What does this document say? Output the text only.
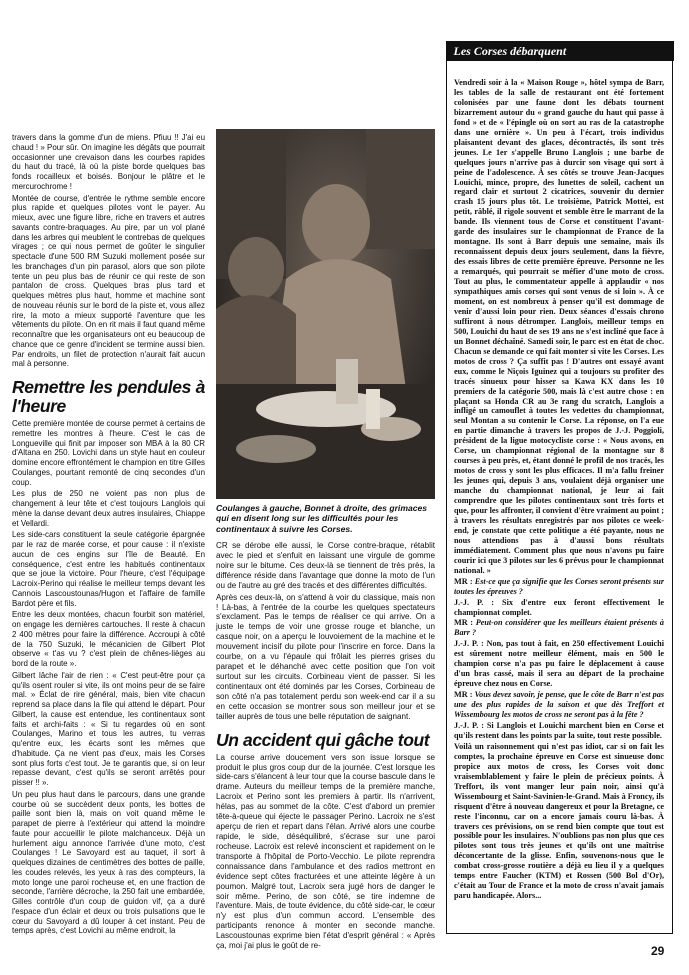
travers dans la gomme d'un de miens. Pfiuu !! J'ai eu chaud ! » Pour sûr. On imagine les dégâts que pourrait occasionner une crevaison dans les courbes rapides du haut du tracé, là où la piste borde quelques bas fonds rocailleux et boisés. Bonjour le plâtre et le mercurochrome !

Montée de course, d'entrée le rythme semble encore plus rapide et quelques pilotes vont le payer. Au mieux, avec une figure libre, riche en travers et autres savants contre-braquages. Au pire, par un vol plané dans les arbres qui meublent le contrebas de quelques virages ; ce qui nous permet de goûter le singulier spectacle d'une 500 RM Suzuki mollement posée sur les branchages d'un pin parasol, alors que son pilote tente un peu plus bas de réunir ce qui reste de son pantalon de cross. Quelques bras plus tard et quelques mètres plus haut, homme et machine sont de nouveau réunis sur le bord de la piste et, vous allez rire, la moto a mieux supporté l'aventure que les vêtements du pilote. On en rit mais il faut quand même reconnaître que les organisateurs ont eu beaucoup de chance que ce genre d'incident se termine aussi bien. Par endroits, un filet de protection n'aurait fait aucun mal à personne.

Remettre les pendules à l'heure

Cette première montée de course permet à certains de remettre les montres à l'heure. C'est le cas de Longueville qui finit par imposer son MBA à la 80 CR d'Altana en 250. Lovichi dans un style haut en couleur domine encore effrontément le champion en titre Gilles Coulanges, pourtant remonté de cinq secondes d'un coup.

Les plus de 250 ne voient pas non plus de changement à leur tête et c'est toujours Langlois qui mène la danse devant deux autres insulaires, Chiappe et Vellardi.

Les side-cars constituent la seule catégorie épargnée par le raz de marée corse, et pour cause : il n'existe aucun de ces engins sur l'île de Beauté. En conséquence, c'est entre les habitués continentaux que se joue la victoire. Pour l'heure, c'est l'équipage Lacroix-Perino qui réalise le meilleur temps devant les Cannois Lascoustounas/Hugon et l'affaire de famille Bardot père et fils.

Entre les deux montées, chacun fourbit son matériel, on engage les dernières cartouches. Il reste à chacun 2 400 mètres pour faire la différence. Accroupi à côté de la 750 Suzuki, le mécanicien de Gilbert Plot observe « t'as vu ? c'est plein de chênes-lièges au bord de la route ».

Gilbert lâche l'air de rien : « C'est peut-être pour ça qu'ils osent rouler si vite, ils ont moins peur de se faire mal. » Éclat de rire général, mais, bien vite chacun reprend sa place dans la file qui attend le départ. Pour Gilbert, la cause est entendue, les continentaux sont faits et archi-faits : « Si tu regardes où en sont Coulanges, Marino et tous les autres, tu verras qu'entre eux, les écarts sont les mêmes que d'habitude. Ça ne vient pas d'eux, mais les Corses sont plus forts c'est tout. Je te garantis que, si on leur repasse devant, c'est qu'ils se seront arrêtés pour pisser !! ».

Un peu plus haut dans le parcours, dans une grande courbe où se succèdent deux ponts, les bottes de paille sont bien là, mais on voit quand même le parapet de pierre à l'extérieur qui attend la moindre faute pour accueillir le pilote malchanceux. Déjà un hurlement aigu annonce l'arrivée d'une moto, c'est Coulanges ! Le Savoyard est au taquet, il sort à quelques dizaines de centimètres des bottes de paille, les coudes relevés, les yeux à ras des compteurs, la moto longe une paroi rocheuse et, en une fraction de seconde, l'arrière décroche, la 250 fait une embardée, Gilles contrôle d'un coup de guidon vif, ça a duré l'espace d'un éclair et deux ou trois pulsations que le cœur du Savoyard a dû louper à cet instant. Peu de temps après, c'est Lovichi au même endroit, la

Coulanges à gauche, Bonnet à droite, des grimaces qui en disent long sur les difficultés pour les continentaux à suivre les Corses.

CR se dérobe elle aussi, le Corse contre-braque, rétablit avec le pied et s'enfuit en laissant une virgule de gomme noire sur le bitume. Ces deux-là se tiennent de très près, la différence réside dans l'avantage que donne la moto de l'un ou de l'autre au gré des tracés et des différentes difficultés.

Après ces deux-là, on s'attend à voir du classique, mais non ! Là-bas, à l'entrée de la courbe les quelques spectateurs s'exclament. Pas le temps de réaliser ce qui arrive. On a juste le temps de voir une grosse rouge et blanche, un casque noir, on a aperçu le louvoiement de la machine et le mouvement incisif du pilote pour l'inscrire en force. Dans la courbe, on a vu l'épaule qui frôlait les pierres grises du parapet et le déhanché avec cette position que l'on voit surtout sur les circuits. Corbineau vient de passer. Si les continentaux ont été dominés par les Corses, Corbineau de son côté n'a pas totalement perdu son week-end car il a su en cette occasion se montrer sous son meilleur jour et se tailler auprès de tous une belle réputation de saignant.

Un accident qui gâche tout

La course arrive doucement vers son issue lorsque se produit le plus gros coup dur de la journée. C'est lorsque les side-cars s'élancent à leur tour que la course bascule dans le drame. Auteurs du meilleur temps de la première manche, Lacroix et Perino sont les premiers à partir. Ils n'arrivent, hélas, pas au sommet de la côte. C'est d'abord un premier tête-à-queue qui éjecte le passager Perino. Lacroix ne s'est aperçu de rien et repart dans l'élan. Arrivé alors une courbe rapide, le side, déséquilibré, s'écrase sur une paroi rocheuse. Lacroix est relevé inconscient et rapidement on le transporte à l'hôpital de Porto-Vecchio. Le pilote reprendra connaissance dans l'ambulance et des radios mettront en évidence sept côtes fracturées et une atteinte légère à un poumon. Malgré tout, Lacroix sera jugé hors de danger le soir même. Perino, de son côté, se tire indemne de l'aventure. Mais, de toute évidence, du côté side-car, le cœur n'y est plus d'un commun accord. L'ensemble des participants renonce à monter en seconde manche. Lascoustounas exprime bien l'état d'esprit général : « Après ça, moi j'ai plus le goût de re-

Les Corses débarquent

Vendredi soir à la « Maison Rouge », hôtel sympa de Barr, les tables de la salle de restaurant ont été fortement colonisées par une faune dont les débats tournent bizarrement autour du « grand gauche du haut qui passe à fond » et de « l'épingle où on sort au ras de la catastrophe dans une ornière ». Un peu à l'écart, trois individus plaisantent devant des glaces, décontractés, ils sont très jeunes. Le 1er s'appelle Bruno Langlois ; une barbe de quelques jours n'arrive pas à durcir son visage qui sort à peine de l'adolescence. À ses côtés se trouve Jean-Jacques Louichi, mince, propre, des lunettes de soleil, cachent un regard clair et surtout 2 cicatrices, souvenir du dernier crash 15 jours plus tôt. Le troisième, Patrick Mottei, est petit, râblé, il rigole souvent et semble être le marrant de la bande. Ils viennent tous de Corse et constituent l'avant-garde des insulaires sur le championnat de France de la montagne. Ils sont à Barr depuis une semaine, mais ils reconnaissent depuis deux jours seulement, dans la fièvre, des essais libres de cette première épreuve. Personne ne les a remarqués, qui pourrait se méfier d'une moto de cross. Tout au plus, le commentateur appelle à applaudir « nos sympathiques amis corses qui sont venus de si loin ». À ce moment, on est nombreux à penser qu'il est dommage de venir d'aussi loin pour rien. Deux séances d'essais chrono suffiront à nous détromper. Langlois, meilleur temps en 500, Louichi du haut de ses 19 ans ne s'est incliné que face à un Bonnet déchaîné. Samedi soir, le parc est en état de choc. Chacun se demande ce qui fait monter si vite les Corses. Les motos de cross ? Ça suffit pas ! D'autres ont essayé avant eux, comme le Niçois Iguinez qui a toujours su profiter des tracés sinueux pour hisser sa Kawa KX dans les 10 premiers de la catégorie 500, mais là c'est autre chose : en plaçant sa Honda CR au 3e rang du scratch, Langlois a infligé un camouflet à toutes les vedettes du championnat, seul Montan a su contenir le Corse. La réponse, on l'a eue en partie dimanche à travers les propos de J.-J. Poggioli, président de la ligue motocycliste corse : « Nous avons, en Corse, un championnat régional de la montagne sur 8 courses à peu près, et, étant donné le profil de nos tracés, les motos de cross y sont les plus efficaces. Il m'a fallu freiner les jeunes qui, depuis 3 ans, voulaient déjà organiser une manche du championnat national, je leur ai fait comprendre que les pilotes continentaux sont très forts et que, pour les affronter, il convient d'être vraiment au point ; à travers les résultats enregistrés par nos pilotes ce week-end, je constate que cette politique a été payante, nous ne nous attendions pas à d'aussi bons résultats immédiatement. Comment plus que nous n'avons pu faire courir ici que 3 pilotes sur les 6 prévus pour le championnat national. »

MR : Est-ce que ça signifie que les Corses seront présents sur toutes les épreuves ?

J.-J. P. : Six d'entre eux feront effectivement le championnat complet.

MR : Peut-on considérer que les meilleurs étaient présents à Barr ?

J.-J. P. : Non, pas tout à fait, en 250 effectivement Louichi est sûrement notre meilleur élément, mais en 500 le champion corse n'a pas pu faire le déplacement à cause d'un bras cassé, mais il sera au départ de la prochaine épreuve chez nous en Corse.

MR : Vous devez savoir, je pense, que le côte de Barr n'est pas une des plus rapides de la saison et que dès Treffort et Wissembourg les motos de cross ne seront pas à la fête ?

J.-J. P. : Si Langlois et Louichi marchent bien en Corse et qu'ils restent dans les points par la suite, tout reste possible.

Voilà un raisonnement qui n'est pas idiot, car si on fait les comptes, la prochaine épreuve en Corse est sinueuse donc propice aux motos de cross, les Corses voit donc vraisemblablement y faire le plein de précieux points. À Treffort, ils vont manger leur pain noir, ainsi qu'à Wissembourg et Saint-Savinien-le-Grand. Mais à Froncy, ils risquent d'être à nouveau dangereux et pour la Bretagne, ce reste l'inconnu, car on a encore jamais couru là-bas. À travers ces prévisions, on se rend bien compte que tout est possible pour les insulaires. N'oublions pas non plus que ces pilotes sont tous très jeunes et qu'ils ont une maîtrise déconcertante de la glisse. Enfin, souvenons-nous que le combat cross-grosse routière a déjà eu lieu il y a quelques temps entre Faucher (KTM) et Rossen (500 Bol d'Or), c'était au Tour de France et la moto de cross n'avait jamais paru handicapée. Alors...

29
